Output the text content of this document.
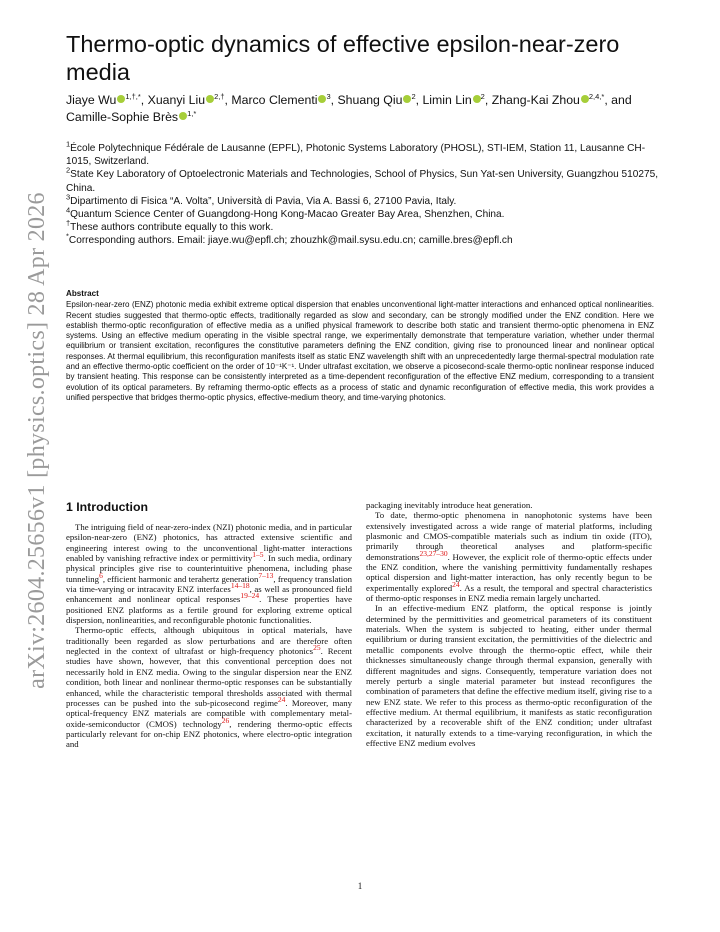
arXiv:2604.25656v1 [physics.optics] 28 Apr 2026
Thermo-optic dynamics of effective epsilon-near-zero media
Jiaye Wu $^{1,\dagger,*}$, Xuanyi Liu $^{2,\dagger}$, Marco Clementi $^3$, Shuang Qiu $^2$, Limin Lin $^2$, Zhang-Kai Zhou $^{2,4,*}$, and Camille-Sophie Brès $^{1,*}$

$^1$École Polytechnique Fédérale de Lausanne (EPFL), Photonic Systems Laboratory (PHOSL), STI-IEM, Station 11, Lausanne CH-1015, Switzerland.

$^2$State Key Laboratory of Optoelectronic Materials and Technologies, School of Physics, Sun Yat-sen University, Guangzhou 510275, China.

$^3$Dipartimento di Fisica “A. Volta”, Università di Pavia, Via A. Bassi 6, 27100 Pavia, Italy.

$^4$Quantum Science Center of Guangdong-Hong Kong-Macao Greater Bay Area, Shenzhen, China.

†These authors contribute equally to this work.

*Corresponding authors. Email: jiaye.wu@epfl.ch; zhouzhk@mail.sysu.edu.cn; camille.bres@epfl.ch

Abstract

Epsilon-near-zero (ENZ) photonic media exhibit extreme optical dispersion that enables unconventional light-matter interactions and enhanced optical nonlinearities. Recent studies suggested that thermo-optic effects, traditionally regarded as slow and secondary, can be strongly modified under the ENZ condition. Here we establish thermo-optic reconfiguration of effective media as a unified physical framework to describe both static and transient thermo-optic phenomena in ENZ systems. Using an effective medium operating in the visible spectral range, we experimentally demonstrate that temperature variation, whether under thermal equilibrium or transient excitation, reconfigures the constitutive parameters defining the ENZ condition, giving rise to pronounced linear and nonlinear optical responses. At thermal equilibrium, this reconfiguration manifests itself as static ENZ wavelength shift with an unprecedentedly large thermal-spectral modulation rate and an effective thermo-optic coefficient on the order of 10⁻¹K⁻¹. Under ultrafast excitation, we observe a picosecond-scale thermo-optic nonlinear response induced by transient heating. This response can be consistently interpreted as a time-dependent reconfiguration of the effective ENZ medium, corresponding to a transient evolution of its optical parameters. By reframing thermo-optic effects as a process of static and dynamic reconfiguration of effective media, this work provides a unified perspective that bridges thermo-optic physics, effective-medium theory, and time-varying photonics.

1 Introduction

The intriguing field of near-zero-index (NZI) photonic media, and in particular epsilon-near-zero (ENZ) photonics, has attracted extensive scientific and engineering interest owing to the unconventional light-matter interactions enabled by vanishing refractive index or permittivity$^{1-5}$. In such media, ordinary physical principles give rise to counterintuitive phenomena, including phase tunneling$^6$, efficient harmonic and terahertz generation$^{7-13}$, frequency translation via time-varying or intracavity ENZ interfaces$^{14-18}$, as well as pronounced field enhancement and nonlinear optical responses$^{19-24}$. These properties have positioned ENZ platforms as a fertile ground for exploring extreme optical dispersion, nonlinearities, and reconfigurable photonic functionalities.

Thermo-optic effects, although ubiquitous in optical materials, have traditionally been regarded as slow perturbations and are therefore often neglected in the context of ultrafast or high-frequency photonics$^{25}$. Recent studies have shown, however, that this conventional perception does not necessarily hold in ENZ media. Owing to the singular dispersion near the ENZ condition, both linear and nonlinear thermo-optic responses can be substantially enhanced, while the characteristic temporal thresholds associated with thermal processes can be pushed into the sub-picosecond regime$^{24}$. Moreover, many optical-frequency ENZ materials are compatible with complementary metal-oxide-semiconductor (CMOS) technology$^{26}$, rendering thermo-optic effects particularly relevant for on-chip ENZ photonics, where electro-optic integration and

packaging inevitably introduce heat generation.

To date, thermo-optic phenomena in nanophotonic systems have been extensively investigated across a wide range of material platforms, including plasmonic and CMOS-compatible materials such as indium tin oxide (ITO), primarily through theoretical analyses and platform-specific demonstrations$^{23,27-30}$. However, the explicit role of thermo-optic effects under the ENZ condition, where the vanishing permittivity fundamentally reshapes optical dispersion and light-matter interaction, has only recently begun to be experimentally explored$^{24}$. As a result, the temporal and spectral characteristics of thermo-optic responses in ENZ media remain largely uncharted.

In an effective-medium ENZ platform, the optical response is jointly determined by the permittivities and geometrical parameters of its constituent materials. When the system is subjected to heating, either under thermal equilibrium or during transient excitation, the permittivities of the dielectric and metallic components evolve through the thermo-optic effect, while their thicknesses simultaneously change through thermal expansion, generally with different magnitudes and signs. Consequently, temperature variation does not merely perturb a single material parameter but instead reconfigures the combination of parameters that define the effective medium itself, giving rise to a new ENZ state. We refer to this process as thermo-optic reconfiguration of the effective medium. At thermal equilibrium, it manifests as static reconfiguration characterized by a recoverable shift of the ENZ condition; under ultrafast excitation, it naturally extends to a time-varying reconfiguration, in which the effective ENZ medium evolves

1
